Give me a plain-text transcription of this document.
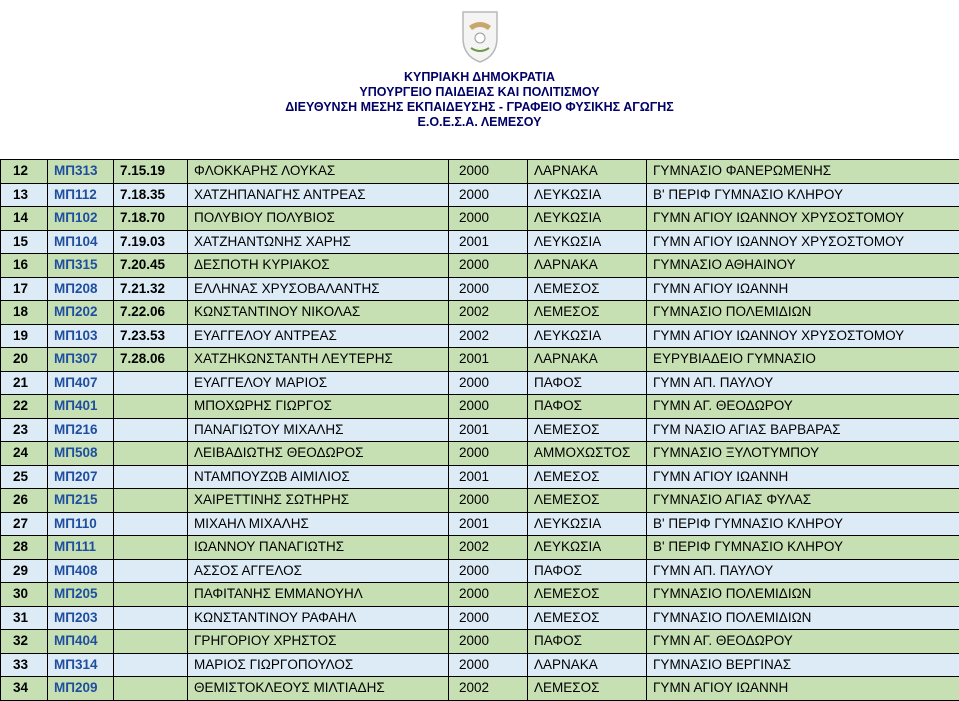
ΚΥΠΡΙΑΚΗ ΔΗΜΟΚΡΑΤΙΑ
ΥΠΟΥΡΓΕΙΟ ΠΑΙΔΕΙΑΣ ΚΑΙ ΠΟΛΙΤΙΣΜΟΥ
ΔΙΕΥΘΥΝΣΗ ΜΕΣΗΣ ΕΚΠΑΙΔΕΥΣΗΣ - ΓΡΑΦΕΙΟ ΦΥΣΙΚΗΣ ΑΓΩΓΗΣ
Ε.Ο.Ε.Σ.Α. ΛΕΜΕΣΟΥ
12	ΜΠ313	7.15.19	ΦΛΟΚΚΑΡΗΣ ΛΟΥΚΑΣ	2000	ΛΑΡΝΑΚΑ	ΓΥΜΝΑΣΙΟ ΦΑΝΕΡΩΜΕΝΗΣ
13	ΜΠ112	7.18.35	ΧΑΤΖΗΠΑΝΑΓΗΣ ΑΝΤΡΕΑΣ	2000	ΛΕΥΚΩΣΙΑ	Β' ΠΕΡΙΦ ΓΥΜΝΑΣΙΟ ΚΛΗΡΟΥ
14	ΜΠ102	7.18.70	ΠΟΛΥΒΙΟΥ ΠΟΛΥΒΙΟΣ	2000	ΛΕΥΚΩΣΙΑ	ΓΥΜΝ ΑΓΙΟΥ ΙΩΑΝΝΟΥ ΧΡΥΣΟΣΤΟΜΟΥ
15	ΜΠ104	7.19.03	ΧΑΤΖΗΑΝΤΩΝΗΣ ΧΑΡΗΣ	2001	ΛΕΥΚΩΣΙΑ	ΓΥΜΝ ΑΓΙΟΥ ΙΩΑΝΝΟΥ ΧΡΥΣΟΣΤΟΜΟΥ
16	ΜΠ315	7.20.45	ΔΕΣΠΟΤΗ ΚΥΡΙΑΚΟΣ	2000	ΛΑΡΝΑΚΑ	ΓΥΜΝΑΣΙΟ ΑΘΗΑΙΝΟΥ
17	ΜΠ208	7.21.32	ΕΛΛΗΝΑΣ ΧΡΥΣΟΒΑΛΑΝΤΗΣ	2000	ΛΕΜΕΣΟΣ	ΓΥΜΝ ΑΓΙΟΥ ΙΩΑΝΝΗ
18	ΜΠ202	7.22.06	ΚΩΝΣΤΑΝΤΙΝΟΥ ΝΙΚΟΛΑΣ	2002	ΛΕΜΕΣΟΣ	ΓΥΜΝΑΣΙΟ ΠΟΛΕΜΙΔΙΩΝ
19	ΜΠ103	7.23.53	ΕΥΑΓΓΕΛΟΥ ΑΝΤΡΕΑΣ	2002	ΛΕΥΚΩΣΙΑ	ΓΥΜΝ ΑΓΙΟΥ ΙΩΑΝΝΟΥ ΧΡΥΣΟΣΤΟΜΟΥ
20	ΜΠ307	7.28.06	ΧΑΤΖΗΚΩΝΣΤΑΝΤΗ ΛΕΥΤΕΡΗΣ	2001	ΛΑΡΝΑΚΑ	ΕΥΡΥΒΙΑΔΕΙΟ ΓΥΜΝΑΣΙΟ
21	ΜΠ407		ΕΥΑΓΓΕΛΟΥ ΜΑΡΙΟΣ	2000	ΠΑΦΟΣ	ΓΥΜΝ ΑΠ. ΠΑΥΛΟΥ
22	ΜΠ401		ΜΠΟΧΩΡΗΣ ΓΙΩΡΓΟΣ	2000	ΠΑΦΟΣ	ΓΥΜΝ ΑΓ. ΘΕΟΔΩΡΟΥ
23	ΜΠ216		ΠΑΝΑΓΙΩΤΟΥ ΜΙΧΑΛΗΣ	2001	ΛΕΜΕΣΟΣ	ΓΥΜ ΝΑΣΙΟ ΑΓΙΑΣ ΒΑΡΒΑΡΑΣ
24	ΜΠ508		ΛΕΙΒΑΔΙΩΤΗΣ ΘΕΟΔΩΡΟΣ	2000	ΑΜΜΟΧΩΣΤΟΣ	ΓΥΜΝΑΣΙΟ ΞΥΛΟΤΥΜΠΟΥ
25	ΜΠ207		ΝΤΑΜΠΟΥΖΩΒ ΑΙΜΙΛΙΟΣ	2001	ΛΕΜΕΣΟΣ	ΓΥΜΝ ΑΓΙΟΥ ΙΩΑΝΝΗ
26	ΜΠ215		ΧΑΙΡΕΤΤΙΝΗΣ ΣΩΤΗΡΗΣ	2000	ΛΕΜΕΣΟΣ	ΓΥΜΝΑΣΙΟ ΑΓΙΑΣ ΦΥΛΑΣ
27	ΜΠ110		ΜΙΧΑΗΛ ΜΙΧΑΛΗΣ	2001	ΛΕΥΚΩΣΙΑ	Β' ΠΕΡΙΦ ΓΥΜΝΑΣΙΟ ΚΛΗΡΟΥ
28	ΜΠ111		ΙΩΑΝΝΟΥ ΠΑΝΑΓΙΩΤΗΣ	2002	ΛΕΥΚΩΣΙΑ	Β' ΠΕΡΙΦ ΓΥΜΝΑΣΙΟ ΚΛΗΡΟΥ
29	ΜΠ408		ΑΣΣΟΣ ΑΓΓΕΛΟΣ	2000	ΠΑΦΟΣ	ΓΥΜΝ ΑΠ. ΠΑΥΛΟΥ
30	ΜΠ205		ΠΑΦΙΤΑΝΗΣ ΕΜΜΑΝΟΥΗΛ	2000	ΛΕΜΕΣΟΣ	ΓΥΜΝΑΣΙΟ ΠΟΛΕΜΙΔΙΩΝ
31	ΜΠ203		ΚΩΝΣΤΑΝΤΙΝΟΥ ΡΑΦΑΗΛ	2000	ΛΕΜΕΣΟΣ	ΓΥΜΝΑΣΙΟ ΠΟΛΕΜΙΔΙΩΝ
32	ΜΠ404		ΓΡΗΓΟΡΙΟΥ ΧΡΗΣΤΟΣ	2000	ΠΑΦΟΣ	ΓΥΜΝ ΑΓ. ΘΕΟΔΩΡΟΥ
33	ΜΠ314		ΜΑΡΙΟΣ ΓΙΩΡΓΟΠΟΥΛΟΣ	2000	ΛΑΡΝΑΚΑ	ΓΥΜΝΑΣΙΟ ΒΕΡΓΙΝΑΣ
34	ΜΠ209		ΘΕΜΙΣΤΟΚΛΕΟΥΣ ΜΙΛΤΙΑΔΗΣ	2002	ΛΕΜΕΣΟΣ	ΓΥΜΝ ΑΓΙΟΥ ΙΩΑΝΝΗ
